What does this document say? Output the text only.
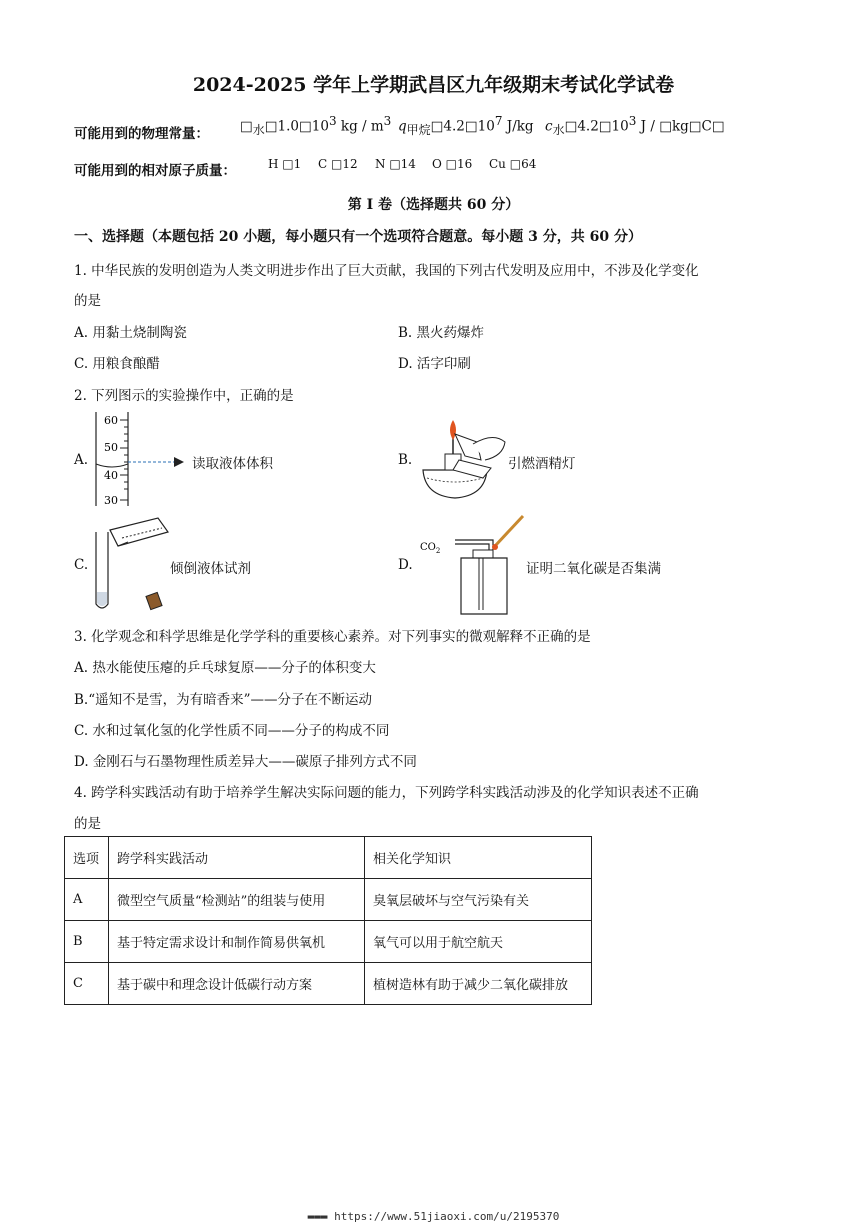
2024-2025 学年上学期武昌区九年级期末考试化学试卷
可能用到的物理常量： $□_水□1.0□10^3$ kg / $m^3$ $q_{甲烷}□4.2□10^7$ J/kg $c_水□4.2□10^3$ J / □kg□C□
可能用到的相对原子质量：	H □1 C □12 N □14 O □16 Cu □64
第 I 卷（选择题共 60 分）
一、选择题（本题包括 20 小题，每小题只有一个选项符合题意。每小题 3 分，共 60 分）
1. 中华民族的发明创造为人类文明进步作出了巨大贡献，我国的下列古代发明及应用中，不涉及化学变化
的是
A. 用黏土烧制陶瓷	B. 黑火药爆炸
C. 用粮食酿醋	D. 活字印刷
2. 下列图示的实验操作中，正确的是
A.
60
50
40
30
读取液体体积	B.	引燃酒精灯
C.	倾倒液体试剂	D.
$CO_2$
证明二氧化碳是否集满
3. 化学观念和科学思维是化学学科的重要核心素养。对下列事实的微观解释不正确的是
A. 热水能使压瘪的乒乓球复原——分子的体积变大
B.“遥知不是雪，为有暗香来”——分子在不断运动
C. 水和过氧化氢的化学性质不同——分子的构成不同
D. 金刚石与石墨物理性质差异大——碳原子排列方式不同
4. 跨学科实践活动有助于培养学生解决实际问题的能力，下列跨学科实践活动涉及的化学知识表述不正确
的是
选项	跨学科实践活动	相关化学知识
A	微型空气质量“检测站”的组装与使用	臭氧层破坏与空气污染有关
B	基于特定需求设计和制作简易供氧机	氧气可以用于航空航天
C	基于碳中和理念设计低碳行动方案	植树造林有助于减少二氧化碳排放
▬▬▬ https://www.51jiaoxi.com/u/2195370
